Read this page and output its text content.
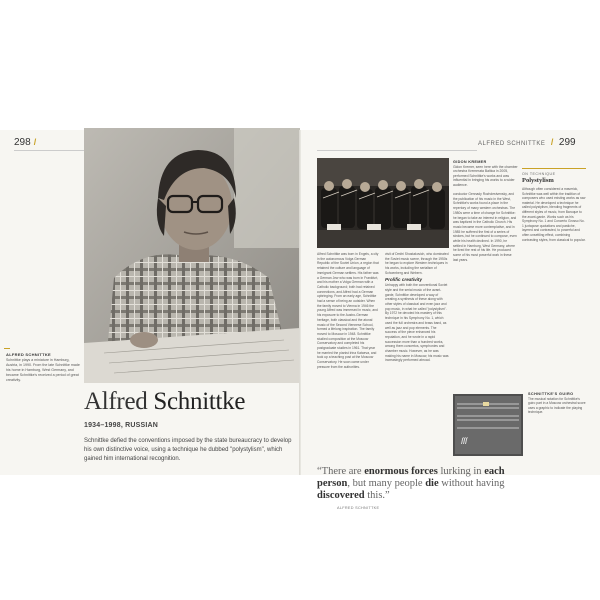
298 /
ALFRED SCHNITTKE
Schnittke plays a miniature in Hamburg, Austria, in 1990. From the late Schnittke made his home in Hamburg, West Germany, and became Schnittke's received a period of great creativity.
Alfred Schnittke
1934–1998, RUSSIAN
Schnittke defied the conventions imposed by the state bureaucracy to develop his own distinctive voice, using a technique he dubbed "polystylism", which gained him international recognition.
ALFRED SCHNITTKE / 299
GIDON KREMER
Gidon Kremer, seen here with the chamber orchestra Kremerata Baltica in 2005, performed Schnittke's works and was influential in bringing his works to a wider audience.
Alfred Schnittke was born in Engels, a city in the autonomous Volga German Republic of the Soviet Union, a region that retained the culture and language of immigrant German settlers. His father was a German Jew who was born in Frankfurt, and his mother a Volga German with a Catholic background; both had retained connections, and Alfred had a German upbringing. From an early age, Schnittke had a sense of being an outsider. When the family moved to Vienna in 1946 the young Alfred was immersed in music, and his exposure to the Austro-German heritage, both classical and the atonal music of the Second Viennese School, formed a lifelong inspiration. The family moved to Moscow in 1948. Schnittke studied composition at the Moscow Conservatory and completed his postgraduate studies in 1961. That year he married the pianist Irina Kataeva, and took up a teaching post at the Moscow Conservatory. He soon came under pressure from the authorities.
visit of Dmitri Shostakovich, who dominated the Soviet music scene, through the 1950s he began to explore Western techniques in his works, including the serialism of Schoenberg and Webern.
Prolific creativity
Unhappy with both the conventional Soviet style and the serial music of the avant-garde, Schnittke developed a way of creating a synthesis of these along with other styles of classical and even jazz and pop music, in what he called "polystylism". By 1972 he devoted his mastery of this technique in his Symphony No. 1, which used the full orchestra and brass band, as well as jazz and pop elements. The success of the piece enhanced his reputation, and he wrote in a rapid succession more than a hundred works, among them concertos, symphonies and chamber music. However, as he was making his name in Moscow, his music was increasingly performed abroad.
conductor Gennady Rozhdestvensky, and the publication of his music in the West, Schnittke's works found a place in the repertory of many western orchestras. The 1980s were a time of change for Schnittke: he began to take an interest in religion, and was baptized in the Catholic Church. His music became more contemplative, and in 1985 he suffered the first of a series of strokes, but he continued to compose, even while his health declined. In 1990, he settled in Hamburg, West Germany, where he lived the rest of his life. He produced some of his most powerful work in these last years.
ON TECHNIQUE
Polystylism
Although often considered a maverick, Schnittke was well within the tradition of composers who used existing works as raw material. He developed a technique he called polystylism, blending fragments of different styles of music, from Baroque to the avant-garde. Works such as his Symphony No. 1 and Concerto Grosso No. 1 juxtapose quotations and pastiche, layered and contrasted, to powerful and often unsettling effect, combining contrasting styles, from classical to popular.
ſſſ
SCHNITTKE'S GUIRO
The musical notation for Schnittke's guiro part in a Moscow orchestral score uses a graphic to indicate the playing technique.
“There are enormous forces lurking in each person, but many people die without having discovered this.”
ALFRED SCHNITTKE
